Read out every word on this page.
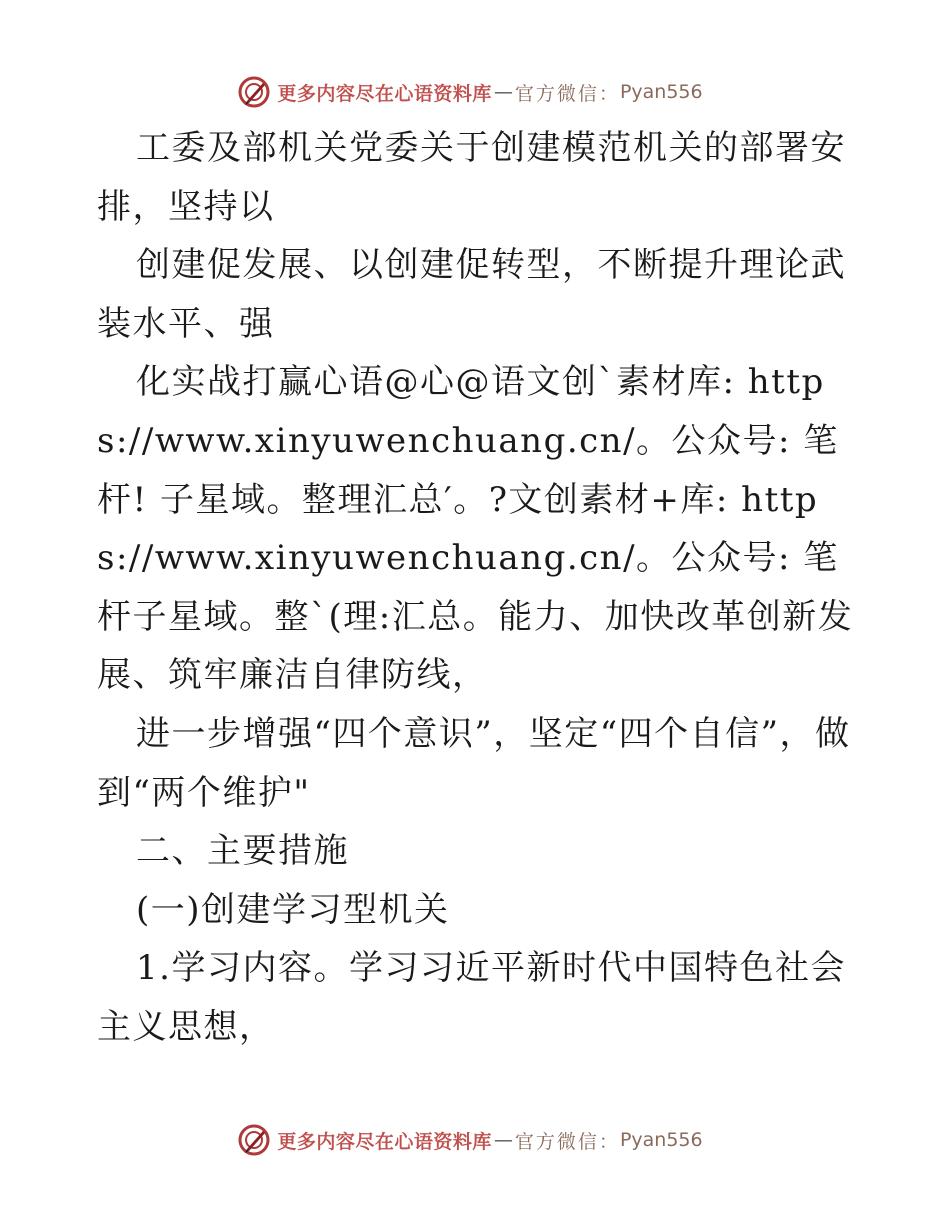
更多内容尽在心语资料库 — 官方微信： Pyan556

工委及部机关党委关于创建模范机关的部署安排，坚持以

创建促发展、以创建促转型，不断提升理论武装水平、强

化实战打赢心语@心@语文创`素材库: https://www.xinyuwenchuang.cn/。公众号: 笔杆! 子星域。整理汇总′。?文创素材+库: https://www.xinyuwenchuang.cn/。公众号: 笔杆子星域。整`(理:汇总。能力、加快改革创新发展、筑牢廉洁自律防线，

进一步增强“四个意识”，坚定“四个自信”，做到“两个维护"

二、主要措施

(一)创建学习型机关

1.学习内容。学习习近平新时代中国特色社会主义思想，

更多内容尽在心语资料库 — 官方微信： Pyan556
